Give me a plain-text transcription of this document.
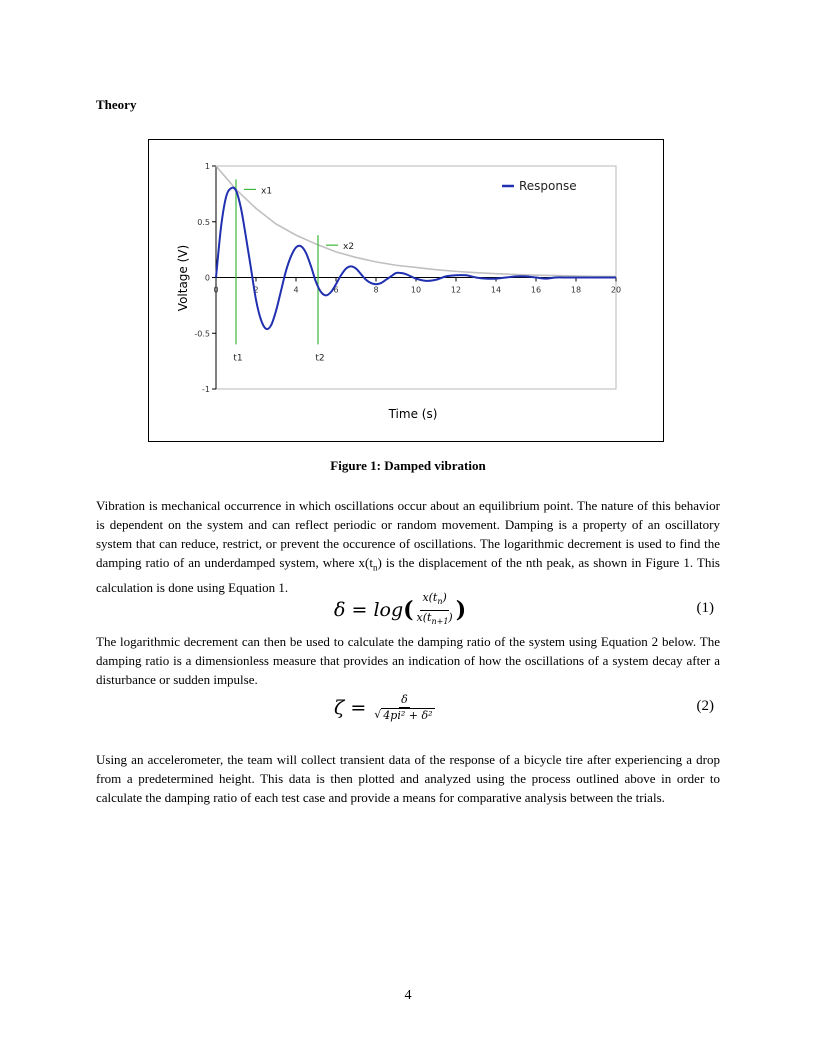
Theory
0	2	4	6	8	10	12	14	16	18	20
1
0.5
0
-0.5
-1
x1
t1
x2
t2
Response
Time (s)
Voltage (V)
Figure 1: Damped vibration
Vibration is mechanical occurrence in which oscillations occur about an equilibrium point. The nature of this behavior is dependent on the system and can reflect periodic or random movement. Damping is a property of an oscillatory system that can reduce, restrict, or prevent the occurence of oscillations. The logarithmic decrement is used to find the damping ratio of an underdamped system, where $x(t_n)$ is the displacement of the nth peak, as shown in Figure 1. This calculation is done using Equation 1.
δ = log ( $\frac{x(t_n)}{x(t_{n+1})}$ )	(1)
The logarithmic decrement can then be used to calculate the damping ratio of the system using Equation 2 below. The damping ratio is a dimensionless measure that provides an indication of how the oscillations of a system decay after a disturbance or sudden impulse.
$\zeta = \frac{\delta}{\text{√ 4pi² + δ²}}$	(2)
Using an accelerometer, the team will collect transient data of the response of a bicycle tire after experiencing a drop from a predetermined height. This data is then plotted and analyzed using the process outlined above in order to calculate the damping ratio of each test case and provide a means for comparative analysis between the trials.
4
